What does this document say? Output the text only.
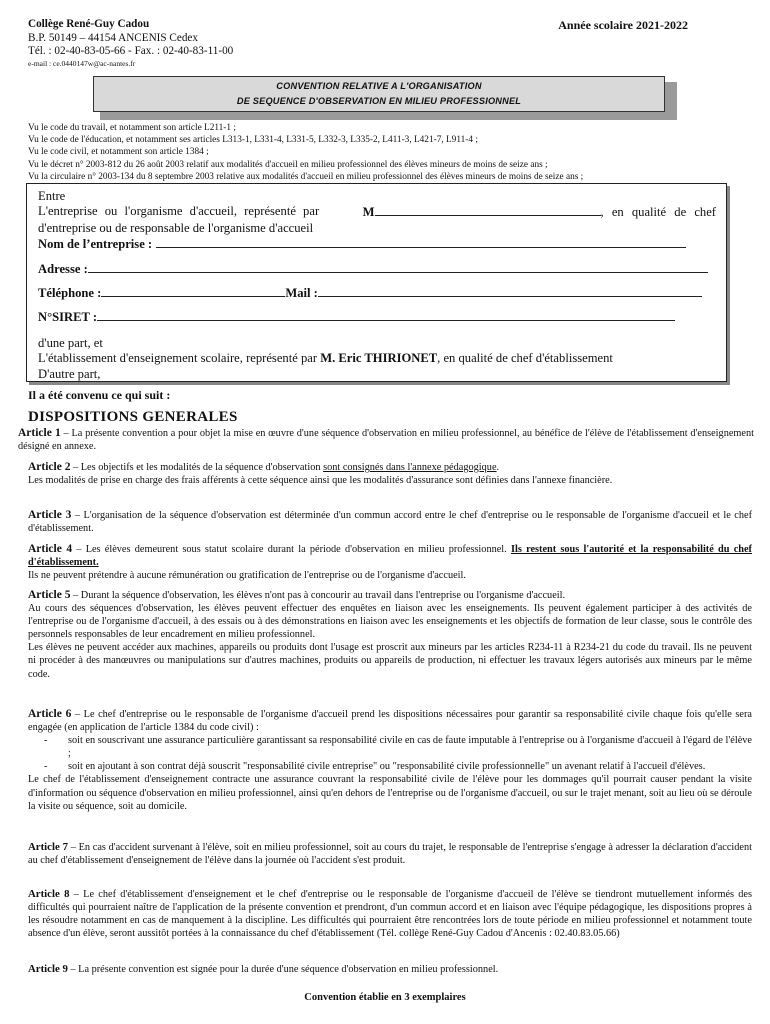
Collège René-Guy Cadou
B.P. 50149 – 44154 ANCENIS Cedex
Tél. : 02-40-83-05-66 - Fax. : 02-40-83-11-00
e-mail : ce.0440147w@ac-nantes.fr
Année scolaire 2021-2022
CONVENTION RELATIVE A L'ORGANISATION
DE SEQUENCE D'OBSERVATION EN MILIEU PROFESSIONNEL
Vu le code du travail, et notamment son article L211-1 ;
Vu le code de l'éducation, et notamment ses articles L313-1, L331-4, L331-5, L332-3, L335-2, L411-3, L421-7, L911-4 ;
Vu le code civil, et notamment son article 1384 ;
Vu le décret n° 2003-812 du 26 août 2003 relatif aux modalités d'accueil en milieu professionnel des élèves mineurs de moins de seize ans ;
Vu la circulaire n° 2003-134 du 8 septembre 2003 relative aux modalités d'accueil en milieu professionnel des élèves mineurs de moins de seize ans ;
Entre
L'entreprise ou l'organisme d'accueil, représenté par	M	, en qualité de chef
d'entreprise ou de responsable de l'organisme d'accueil
Nom de l’entreprise :
Adresse :
Téléphone :	Mail :
N°SIRET :
d'une part, et
L'établissement d'enseignement scolaire, représenté par M. Eric THIRIONET, en qualité de chef d'établissement
D'autre part,
Il a été convenu ce qui suit :
DISPOSITIONS GENERALES
Article 1 – La présente convention a pour objet la mise en œuvre d'une séquence d'observation en milieu professionnel, au bénéfice de l'élève de l'établissement d'enseignement désigné en annexe.
Article 2 – Les objectifs et les modalités de la séquence d'observation sont consignés dans l'annexe pédagogique.
Les modalités de prise en charge des frais afférents à cette séquence ainsi que les modalités d'assurance sont définies dans l'annexe financière.
Article 3 – L'organisation de la séquence d'observation est déterminée d'un commun accord entre le chef d'entreprise ou le responsable de l'organisme d'accueil et le chef d'établissement.
Article 4 – Les élèves demeurent sous statut scolaire durant la période d'observation en milieu professionnel. Ils restent sous l'autorité et la responsabilité du chef d'établissement.
Ils ne peuvent prétendre à aucune rémunération ou gratification de l'entreprise ou de l'organisme d'accueil.
Article 5 – Durant la séquence d'observation, les élèves n'ont pas à concourir au travail dans l'entreprise ou l'organisme d'accueil.
Au cours des séquences d'observation, les élèves peuvent effectuer des enquêtes en liaison avec les enseignements. Ils peuvent également participer à des activités de l'entreprise ou de l'organisme d'accueil, à des essais ou à des démonstrations en liaison avec les enseignements et les objectifs de formation de leur classe, sous le contrôle des personnels responsables de leur encadrement en milieu professionnel.
Les élèves ne peuvent accéder aux machines, appareils ou produits dont l'usage est proscrit aux mineurs par les articles R234-11 à R234-21 du code du travail. Ils ne peuvent ni procéder à des manœuvres ou manipulations sur d'autres machines, produits ou appareils de production, ni effectuer les travaux légers autorisés aux mineurs par le même code.
Article 6 – Le chef d'entreprise ou le responsable de l'organisme d'accueil prend les dispositions nécessaires pour garantir sa responsabilité civile chaque fois qu'elle sera engagée (en application de l'article 1384 du code civil) :
- soit en souscrivant une assurance particulière garantissant sa responsabilité civile en cas de faute imputable à l'entreprise ou à l'organisme d'accueil à l'égard de l'élève ;
- soit en ajoutant à son contrat déjà souscrit "responsabilité civile entreprise" ou "responsabilité civile professionnelle" un avenant relatif à l'accueil d'élèves.
Le chef de l'établissement d'enseignement contracte une assurance couvrant la responsabilité civile de l'élève pour les dommages qu'il pourrait causer pendant la visite d'information ou séquence d'observation en milieu professionnel, ainsi qu'en dehors de l'entreprise ou de l'organisme d'accueil, ou sur le trajet menant, soit au lieu où se déroule la visite ou séquence, soit au domicile.
Article 7 – En cas d'accident survenant à l'élève, soit en milieu professionnel, soit au cours du trajet, le responsable de l'entreprise s'engage à adresser la déclaration d'accident au chef d'établissement d'enseignement de l'élève dans la journée où l'accident s'est produit.
Article 8 – Le chef d'établissement d'enseignement et le chef d'entreprise ou le responsable de l'organisme d'accueil de l'élève se tiendront mutuellement informés des difficultés qui pourraient naître de l'application de la présente convention et prendront, d'un commun accord et en liaison avec l'équipe pédagogique, les dispositions propres à les résoudre notamment en cas de manquement à la discipline. Les difficultés qui pourraient être rencontrées lors de toute période en milieu professionnel et notamment toute absence d'un élève, seront aussitôt portées à la connaissance du chef d'établissement (Tél. collège René-Guy Cadou d'Ancenis : 02.40.83.05.66)
Article 9 – La présente convention est signée pour la durée d'une séquence d'observation en milieu professionnel.
Convention établie en 3 exemplaires
